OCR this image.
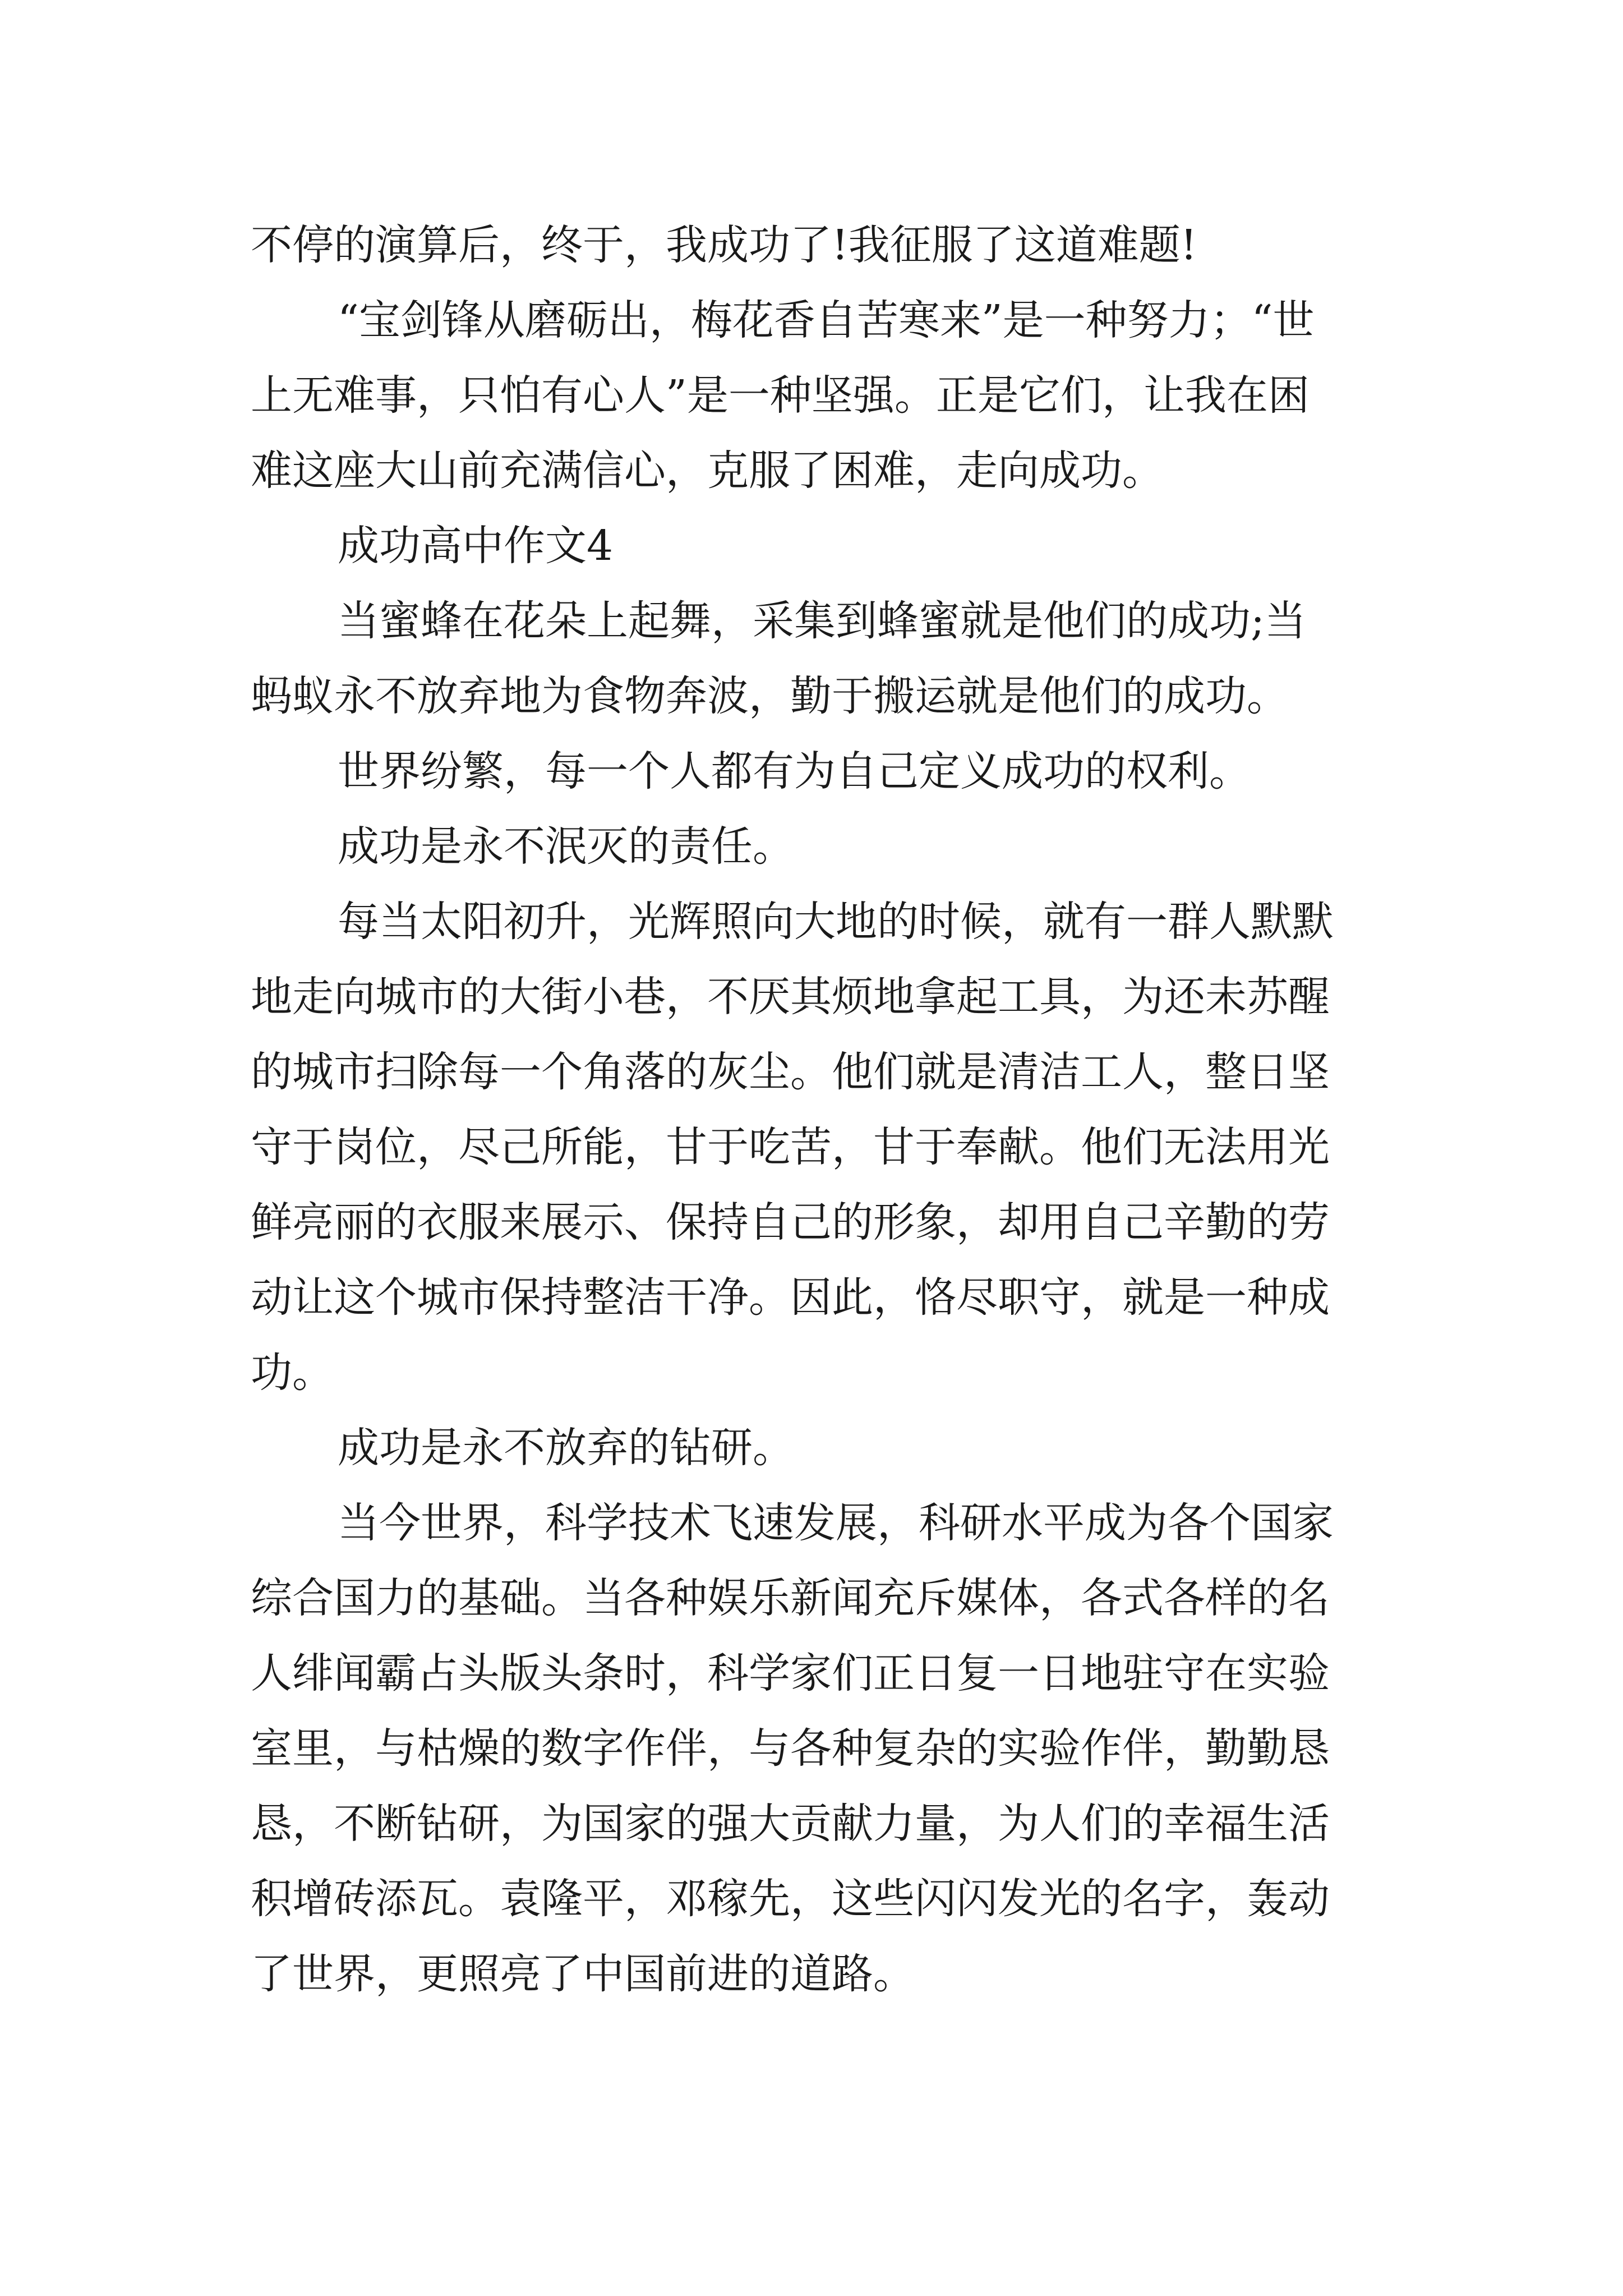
不停的演算后，终于，我成功了!我征服了这道难题!
“宝剑锋从磨砺出，梅花香自苦寒来”是一种努力；“世
上无难事，只怕有心人”是一种坚强。正是它们，让我在困
难这座大山前充满信心，克服了困难，走向成功。
成功高中作文4
当蜜蜂在花朵上起舞，采集到蜂蜜就是他们的成功;当
蚂蚁永不放弃地为食物奔波，勤于搬运就是他们的成功。
世界纷繁，每一个人都有为自己定义成功的权利。
成功是永不泯灭的责任。
每当太阳初升，光辉照向大地的时候，就有一群人默默
地走向城市的大街小巷，不厌其烦地拿起工具，为还未苏醒
的城市扫除每一个角落的灰尘。他们就是清洁工人，整日坚
守于岗位，尽己所能，甘于吃苦，甘于奉献。他们无法用光
鲜亮丽的衣服来展示、保持自己的形象，却用自己辛勤的劳
动让这个城市保持整洁干净。因此，恪尽职守，就是一种成
功。
成功是永不放弃的钻研。
当今世界，科学技术飞速发展，科研水平成为各个国家
综合国力的基础。当各种娱乐新闻充斥媒体，各式各样的名
人绯闻霸占头版头条时，科学家们正日复一日地驻守在实验
室里，与枯燥的数字作伴，与各种复杂的实验作伴，勤勤恳
恳，不断钻研，为国家的强大贡献力量，为人们的幸福生活
积增砖添瓦。袁隆平，邓稼先，这些闪闪发光的名字，轰动
了世界，更照亮了中国前进的道路。
